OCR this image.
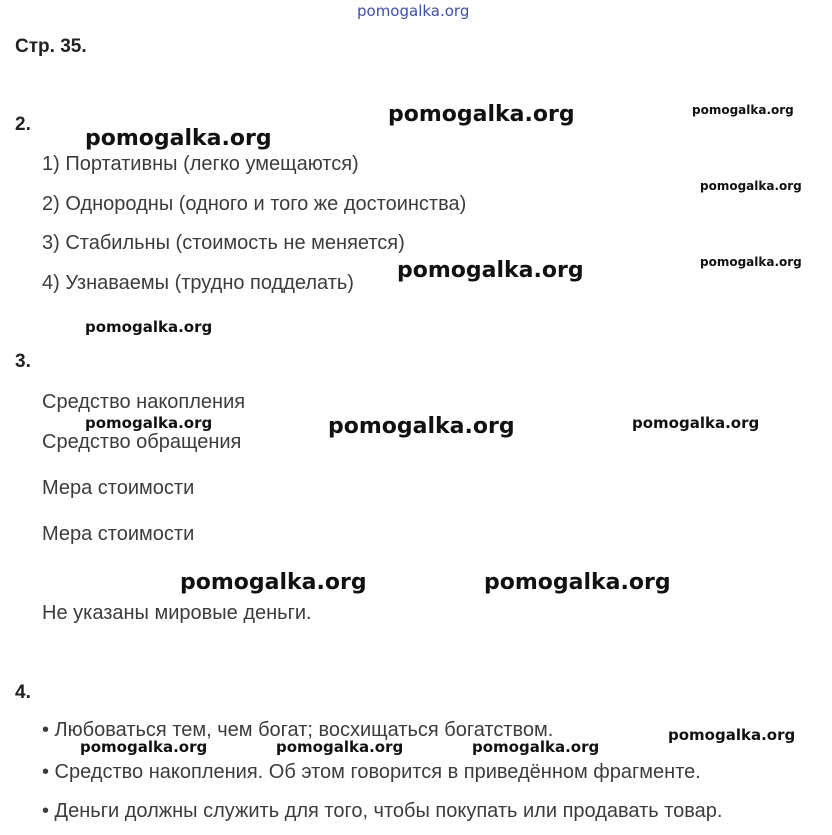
pomogalka.org
Стр. 35.
2.
1) Портативны (легко умещаются)
2) Однородны (одного и того же достоинства)
3) Стабильны (стоимость не меняется)
4) Узнаваемы (трудно подделать)
3.
Средство накопления
Средство обращения
Мера стоимости
Мера стоимости
Не указаны мировые деньги.
4.
• Любоваться тем, чем богат; восхищаться богатством.
• Средство накопления. Об этом говорится в приведённом фрагменте.
• Деньги должны служить для того, чтобы покупать или продавать товар.
pomogalka.org
pomogalka.org
pomogalka.org
pomogalka.org
pomogalka.org	pomogalka.org
pomogalka.org
pomogalka.org	pomogalka.org
pomogalka.org
pomogalka.org	pomogalka.org	pomogalka.org
pomogalka.org
pomogalka.org
pomogalka.org
